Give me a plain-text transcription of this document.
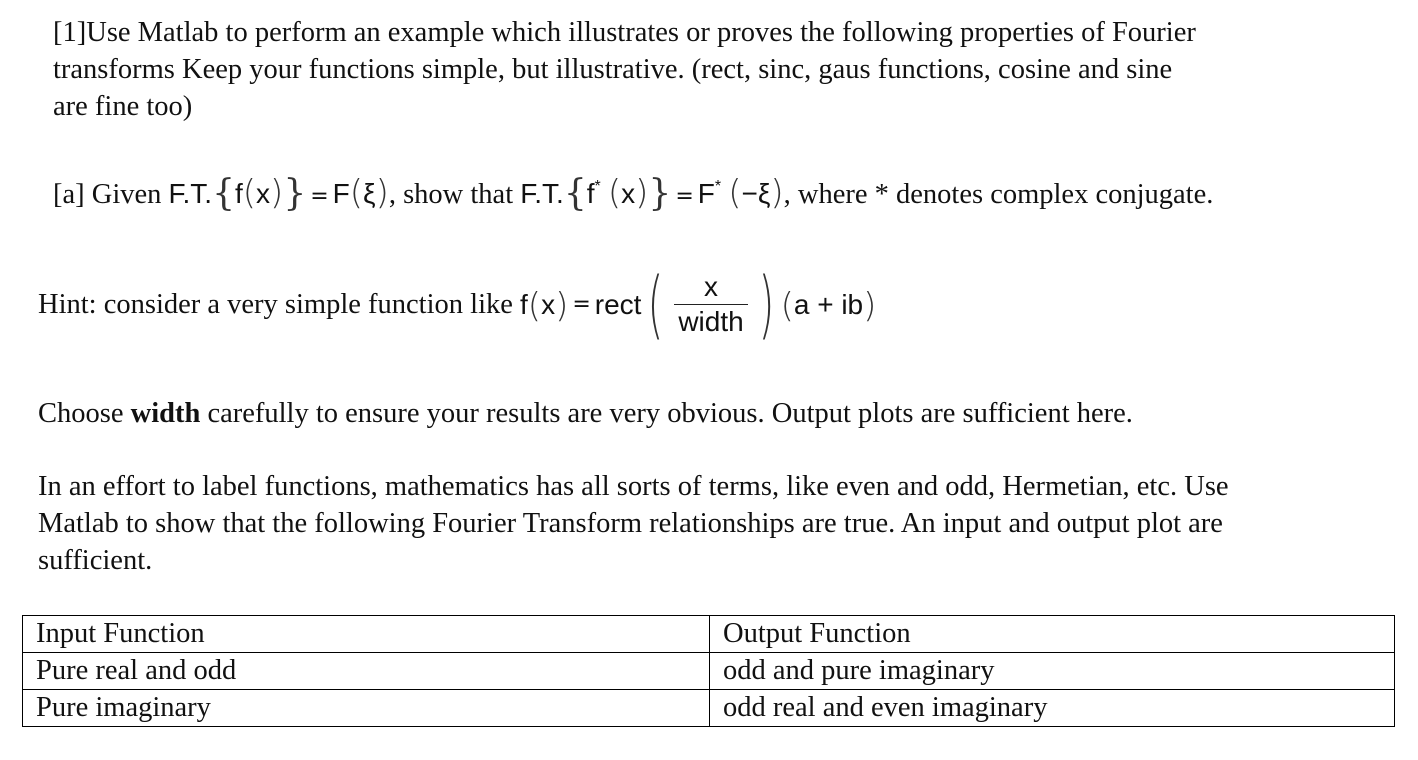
[1]Use Matlab to perform an example which illustrates or proves the following properties of Fourier
transforms Keep your functions simple, but illustrative. (rect, sinc, gaus functions, cosine and sine
are fine too)
[a] Given F.T.{f(x)} = F(ξ), show that F.T.{f* (x)} = F* (−ξ), where * denotes complex conjugate.
Hint: consider a very simple function like f ( x ) = rect ( $\frac{x}{\text{width}}$ ) ( a + ib )
Choose width carefully to ensure your results are very obvious. Output plots are sufficient here.
In an effort to label functions, mathematics has all sorts of terms, like even and odd, Hermetian, etc. Use
Matlab to show that the following Fourier Transform relationships are true. An input and output plot are
sufficient.
Input Function	Output Function
Pure real and odd	odd and pure imaginary
Pure imaginary	odd real and even imaginary
